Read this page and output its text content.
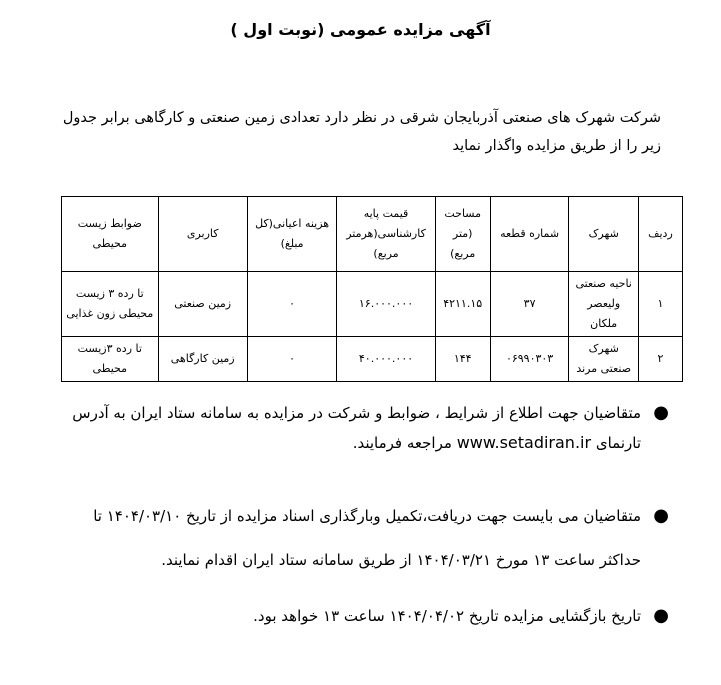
آگهی مزایده عمومی (نوبت اول )
شرکت شهرک های صنعتی آذربایجان شرقی در نظر دارد تعدادی زمین صنعتی و کارگاهی برابر جدول زیر را از طریق مزایده واگذار نماید
ردیف	شهرک	شماره قطعه	مساحت (متر مربع)	قیمت پایه کارشناسی(هرمتر مربع)	هزینه اعیانی(کل مبلغ)	کاربری	ضوابط زیست محیطی
۱	ناحیه صنعتی ولیعصر ملکان	۳۷	۴۲۱۱.۱۵	۱۶.۰۰۰.۰۰۰	۰	زمین صنعتی	تا رده ۳ زیست محیطی زون غذایی
۲	شهرک صنعتی مرند	۰۶۹۹۰۳۰۳	۱۴۴	۴۰.۰۰۰.۰۰۰	۰	زمین کارگاهی	تا رده ۳زیست محیطی
●
متقاضیان جهت اطلاع از شرایط ، ضوابط و شرکت در مزایده به سامانه ستاد ایران به آدرس تارنمای www.setadiran.ir مراجعه فرمایند.
●
متقاضیان می بایست جهت دریافت،تکمیل وبارگذاری اسناد مزایده از تاریخ ۱۴۰۴/۰۳/۱۰ تا حداکثر ساعت ۱۳ مورخ ۱۴۰۴/۰۳/۲۱ از طریق سامانه ستاد ایران اقدام نمایند.
●
تاریخ بازگشایی مزایده تاریخ ۱۴۰۴/۰۴/۰۲ ساعت ۱۳ خواهد بود.
